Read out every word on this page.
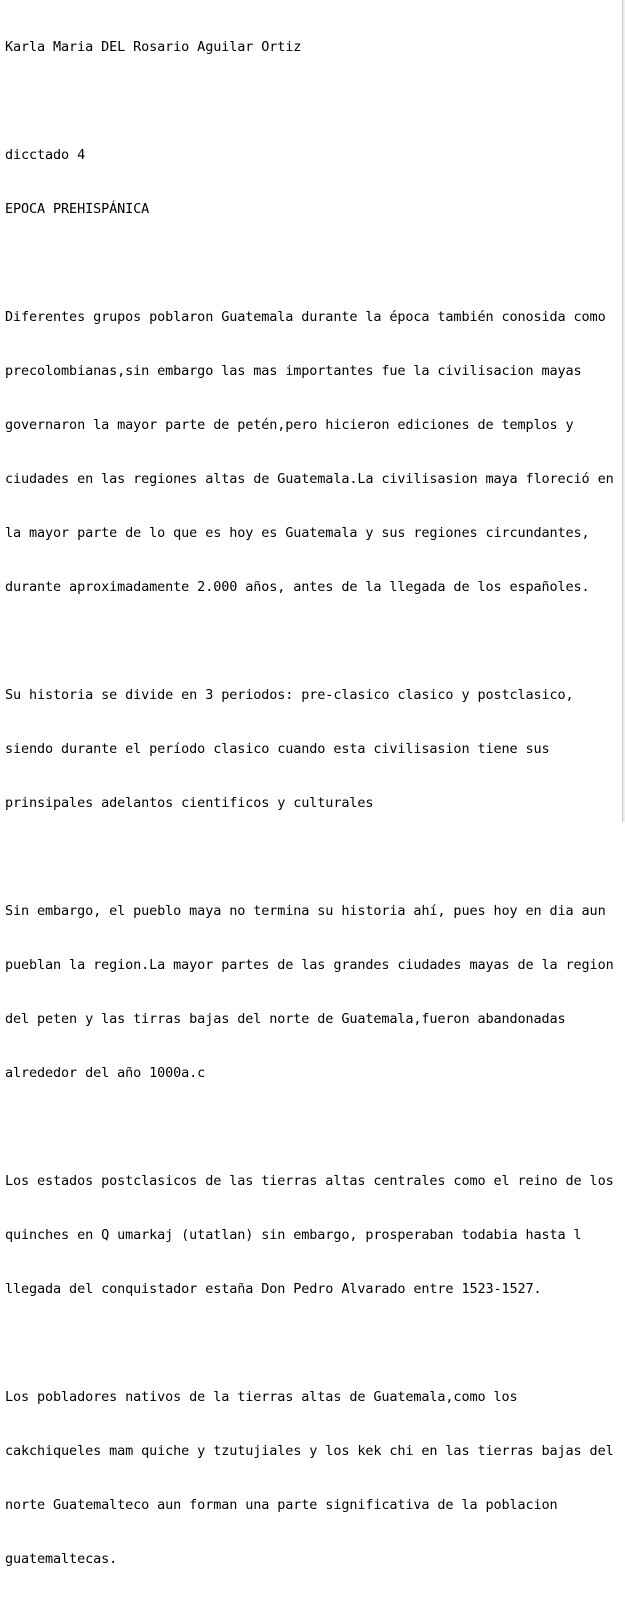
Karla Maria DEL Rosario Aguilar Ortiz

dicctado 4

EPOCA PREHISPÁNICA

Diferentes grupos poblaron Guatemala durante la época también conosida como

precolombianas,sin embargo las mas importantes fue la civilisacion mayas

governaron la mayor parte de petén,pero hicieron ediciones de templos y

ciudades en las regiones altas de Guatemala.La civilisasion maya floreció en

la mayor parte de lo que es hoy es Guatemala y sus regiones circundantes,

durante aproximadamente 2.000 años, antes de la llegada de los españoles.

Su historia se divide en 3 periodos: pre-clasico clasico y postclasico,

siendo durante el período clasico cuando esta civilisasion tiene sus

prinsipales adelantos cientificos y culturales

Sin embargo, el pueblo maya no termina su historia ahí, pues hoy en dia aun

pueblan la region.La mayor partes de las grandes ciudades mayas de la region

del peten y las tirras bajas del norte de Guatemala,fueron abandonadas

alrededor del año 1000a.c

Los estados postclasicos de las tierras altas centrales como el reino de los

quinches en Q umarkaj (utatlan) sin embargo, prosperaban todabia hasta l

llegada del conquistador estaña Don Pedro Alvarado entre 1523-1527.

Los pobladores nativos de la tierras altas de Guatemala,como los

cakchiqueles mam quiche y tzutujiales y los kek chi en las tierras bajas del

norte Guatemalteco aun forman una parte significativa de la poblacion

guatemaltecas.
